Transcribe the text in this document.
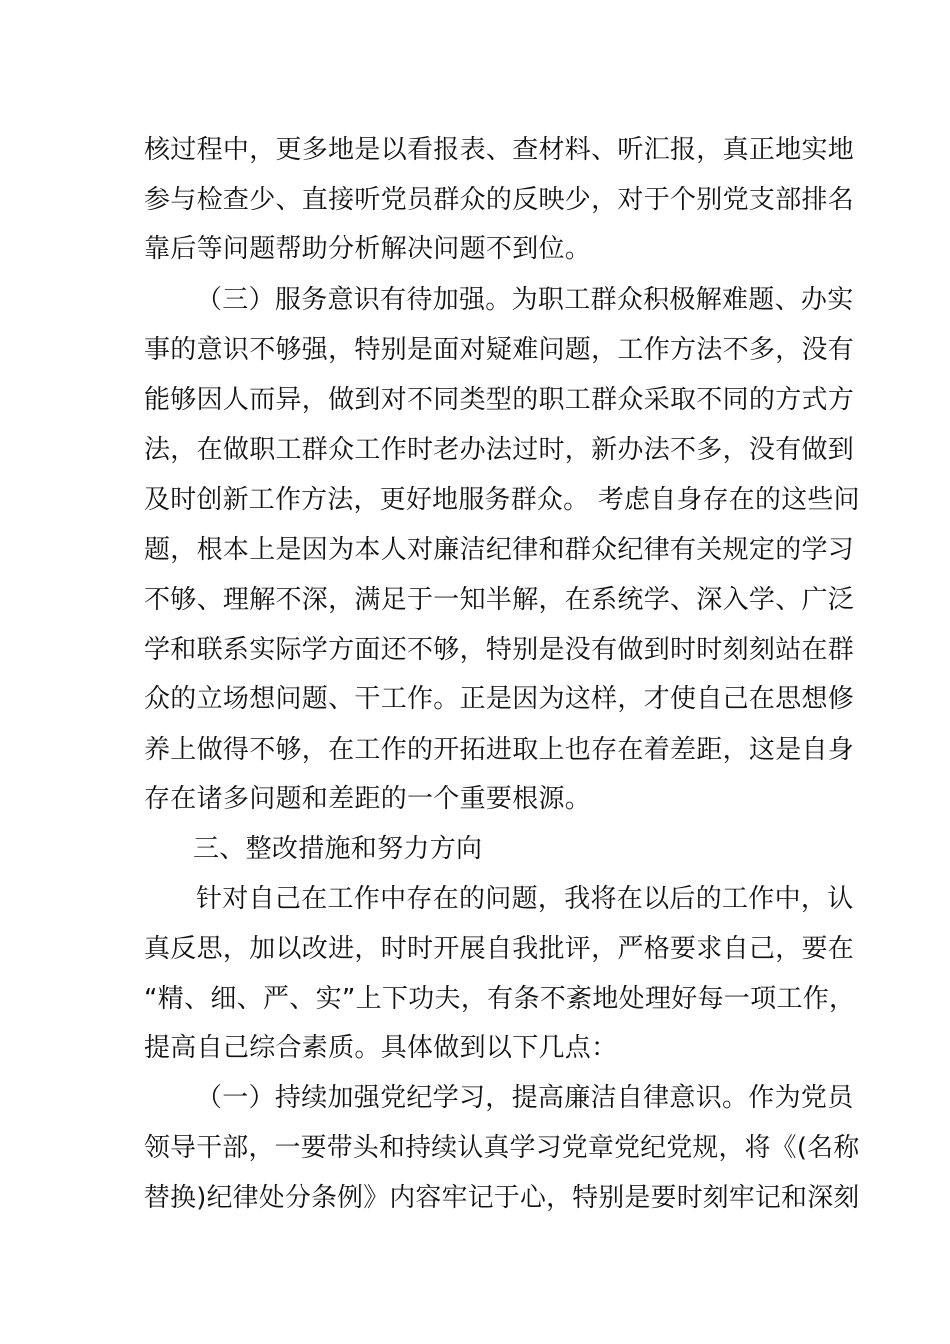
核过程中，更多地是以看报表、查材料、听汇报，真正地实地

参与检查少、直接听党员群众的反映少，对于个别党支部排名

靠后等问题帮助分析解决问题不到位。

（三）服务意识有待加强。为职工群众积极解难题、办实

事的意识不够强，特别是面对疑难问题，工作方法不多，没有

能够因人而异，做到对不同类型的职工群众采取不同的方式方

法，在做职工群众工作时老办法过时，新办法不多，没有做到

及时创新工作方法，更好地服务群众。 考虑自身存在的这些问

题，根本上是因为本人对廉洁纪律和群众纪律有关规定的学习

不够、理解不深，满足于一知半解，在系统学、深入学、广泛

学和联系实际学方面还不够，特别是没有做到时时刻刻站在群

众的立场想问题、干工作。正是因为这样，才使自己在思想修

养上做得不够，在工作的开拓进取上也存在着差距，这是自身

存在诸多问题和差距的一个重要根源。

三、整改措施和努力方向

针对自己在工作中存在的问题，我将在以后的工作中，认

真反思，加以改进，时时开展自我批评，严格要求自己，要在

“精、细、严、实”上下功夫，有条不紊地处理好每一项工作，

提高自己综合素质。具体做到以下几点：

（一）持续加强党纪学习，提高廉洁自律意识。作为党员

领导干部，一要带头和持续认真学习党章党纪党规，将《(名称

替换)纪律处分条例》内容牢记于心，特别是要时刻牢记和深刻
